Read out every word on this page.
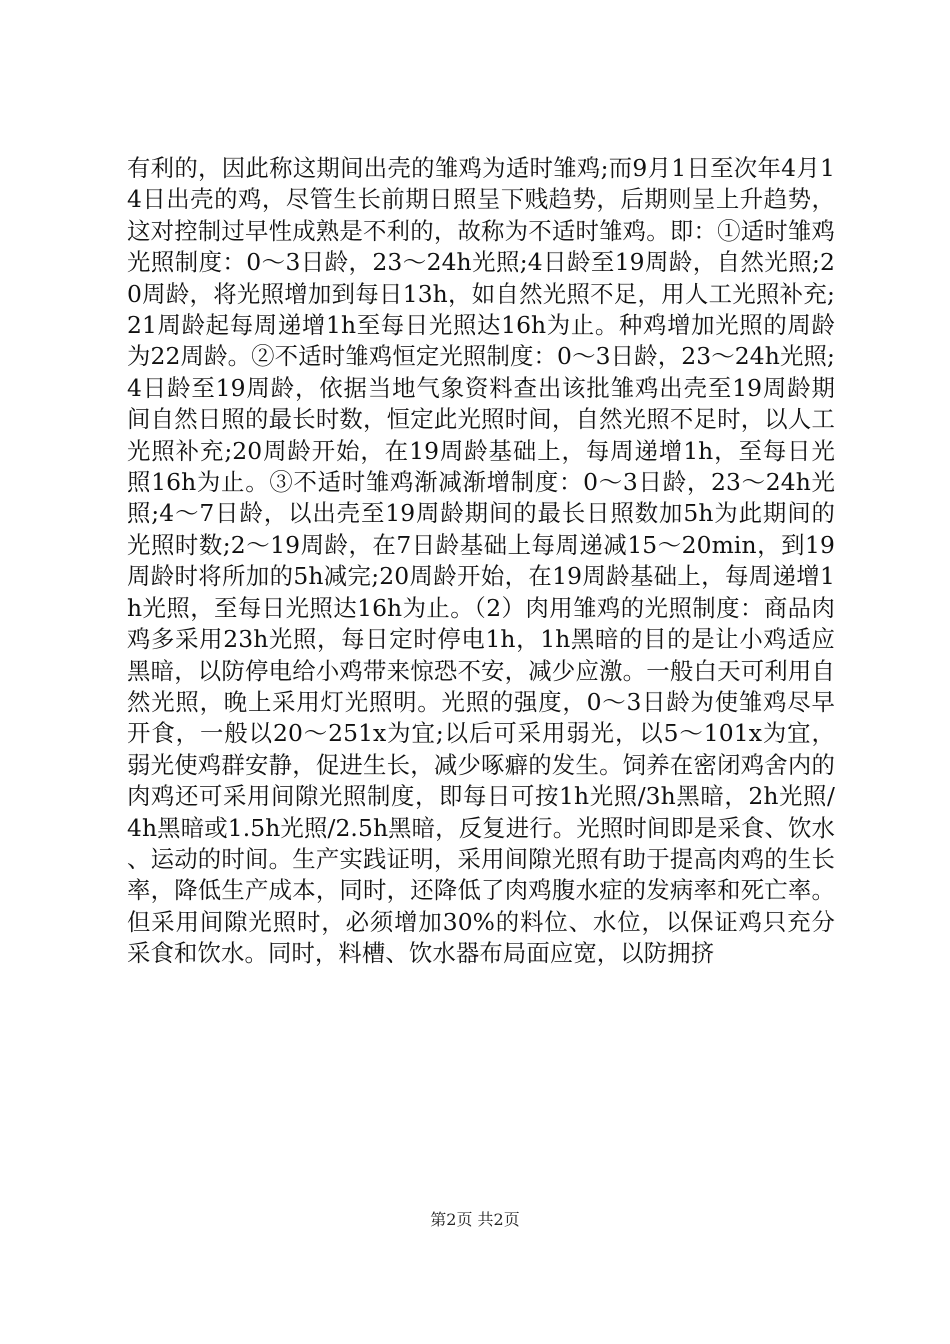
有利的，因此称这期间出壳的雏鸡为适时雏鸡;而9月1日至次年4月14日出壳的鸡，尽管生长前期日照呈下贱趋势，后期则呈上升趋势，这对控制过早性成熟是不利的，故称为不适时雏鸡。即：①适时雏鸡光照制度：0～3日龄，23～24h光照;4日龄至19周龄，自然光照;20周龄，将光照增加到每日13h，如自然光照不足，用人工光照补充;21周龄起每周递增1h至每日光照达16h为止。种鸡增加光照的周龄为22周龄。②不适时雏鸡恒定光照制度：0～3日龄，23～24h光照;4日龄至19周龄，依据当地气象资料查出该批雏鸡出壳至19周龄期间自然日照的最长时数，恒定此光照时间，自然光照不足时，以人工光照补充;20周龄开始，在19周龄基础上，每周递增1h，至每日光照16h为止。③不适时雏鸡渐减渐增制度：0～3日龄，23～24h光照;4～7日龄，以出壳至19周龄期间的最长日照数加5h为此期间的光照时数;2～19周龄，在7日龄基础上每周递减15～20min，到19周龄时将所加的5h减完;20周龄开始，在19周龄基础上，每周递增1h光照，至每日光照达16h为止。（2）肉用雏鸡的光照制度：商品肉鸡多采用23h光照，每日定时停电1h，1h黑暗的目的是让小鸡适应黑暗，以防停电给小鸡带来惊恐不安，减少应激。一般白天可利用自然光照，晚上采用灯光照明。光照的强度，0～3日龄为使雏鸡尽早开食，一般以20～251x为宜;以后可采用弱光，以5～101x为宜，弱光使鸡群安静，促进生长，减少啄癖的发生。饲养在密闭鸡舍内的肉鸡还可采用间隙光照制度，即每日可按1h光照/3h黑暗，2h光照/4h黑暗或1.5h光照/2.5h黑暗，反复进行。光照时间即是采食、饮水、运动的时间。生产实践证明，采用间隙光照有助于提高肉鸡的生长率，降低生产成本，同时，还降低了肉鸡腹水症的发病率和死亡率。但采用间隙光照时，必须增加30%的料位、水位，以保证鸡只充分采食和饮水。同时，料槽、饮水器布局面应宽，以防拥挤

第2页 共2页
